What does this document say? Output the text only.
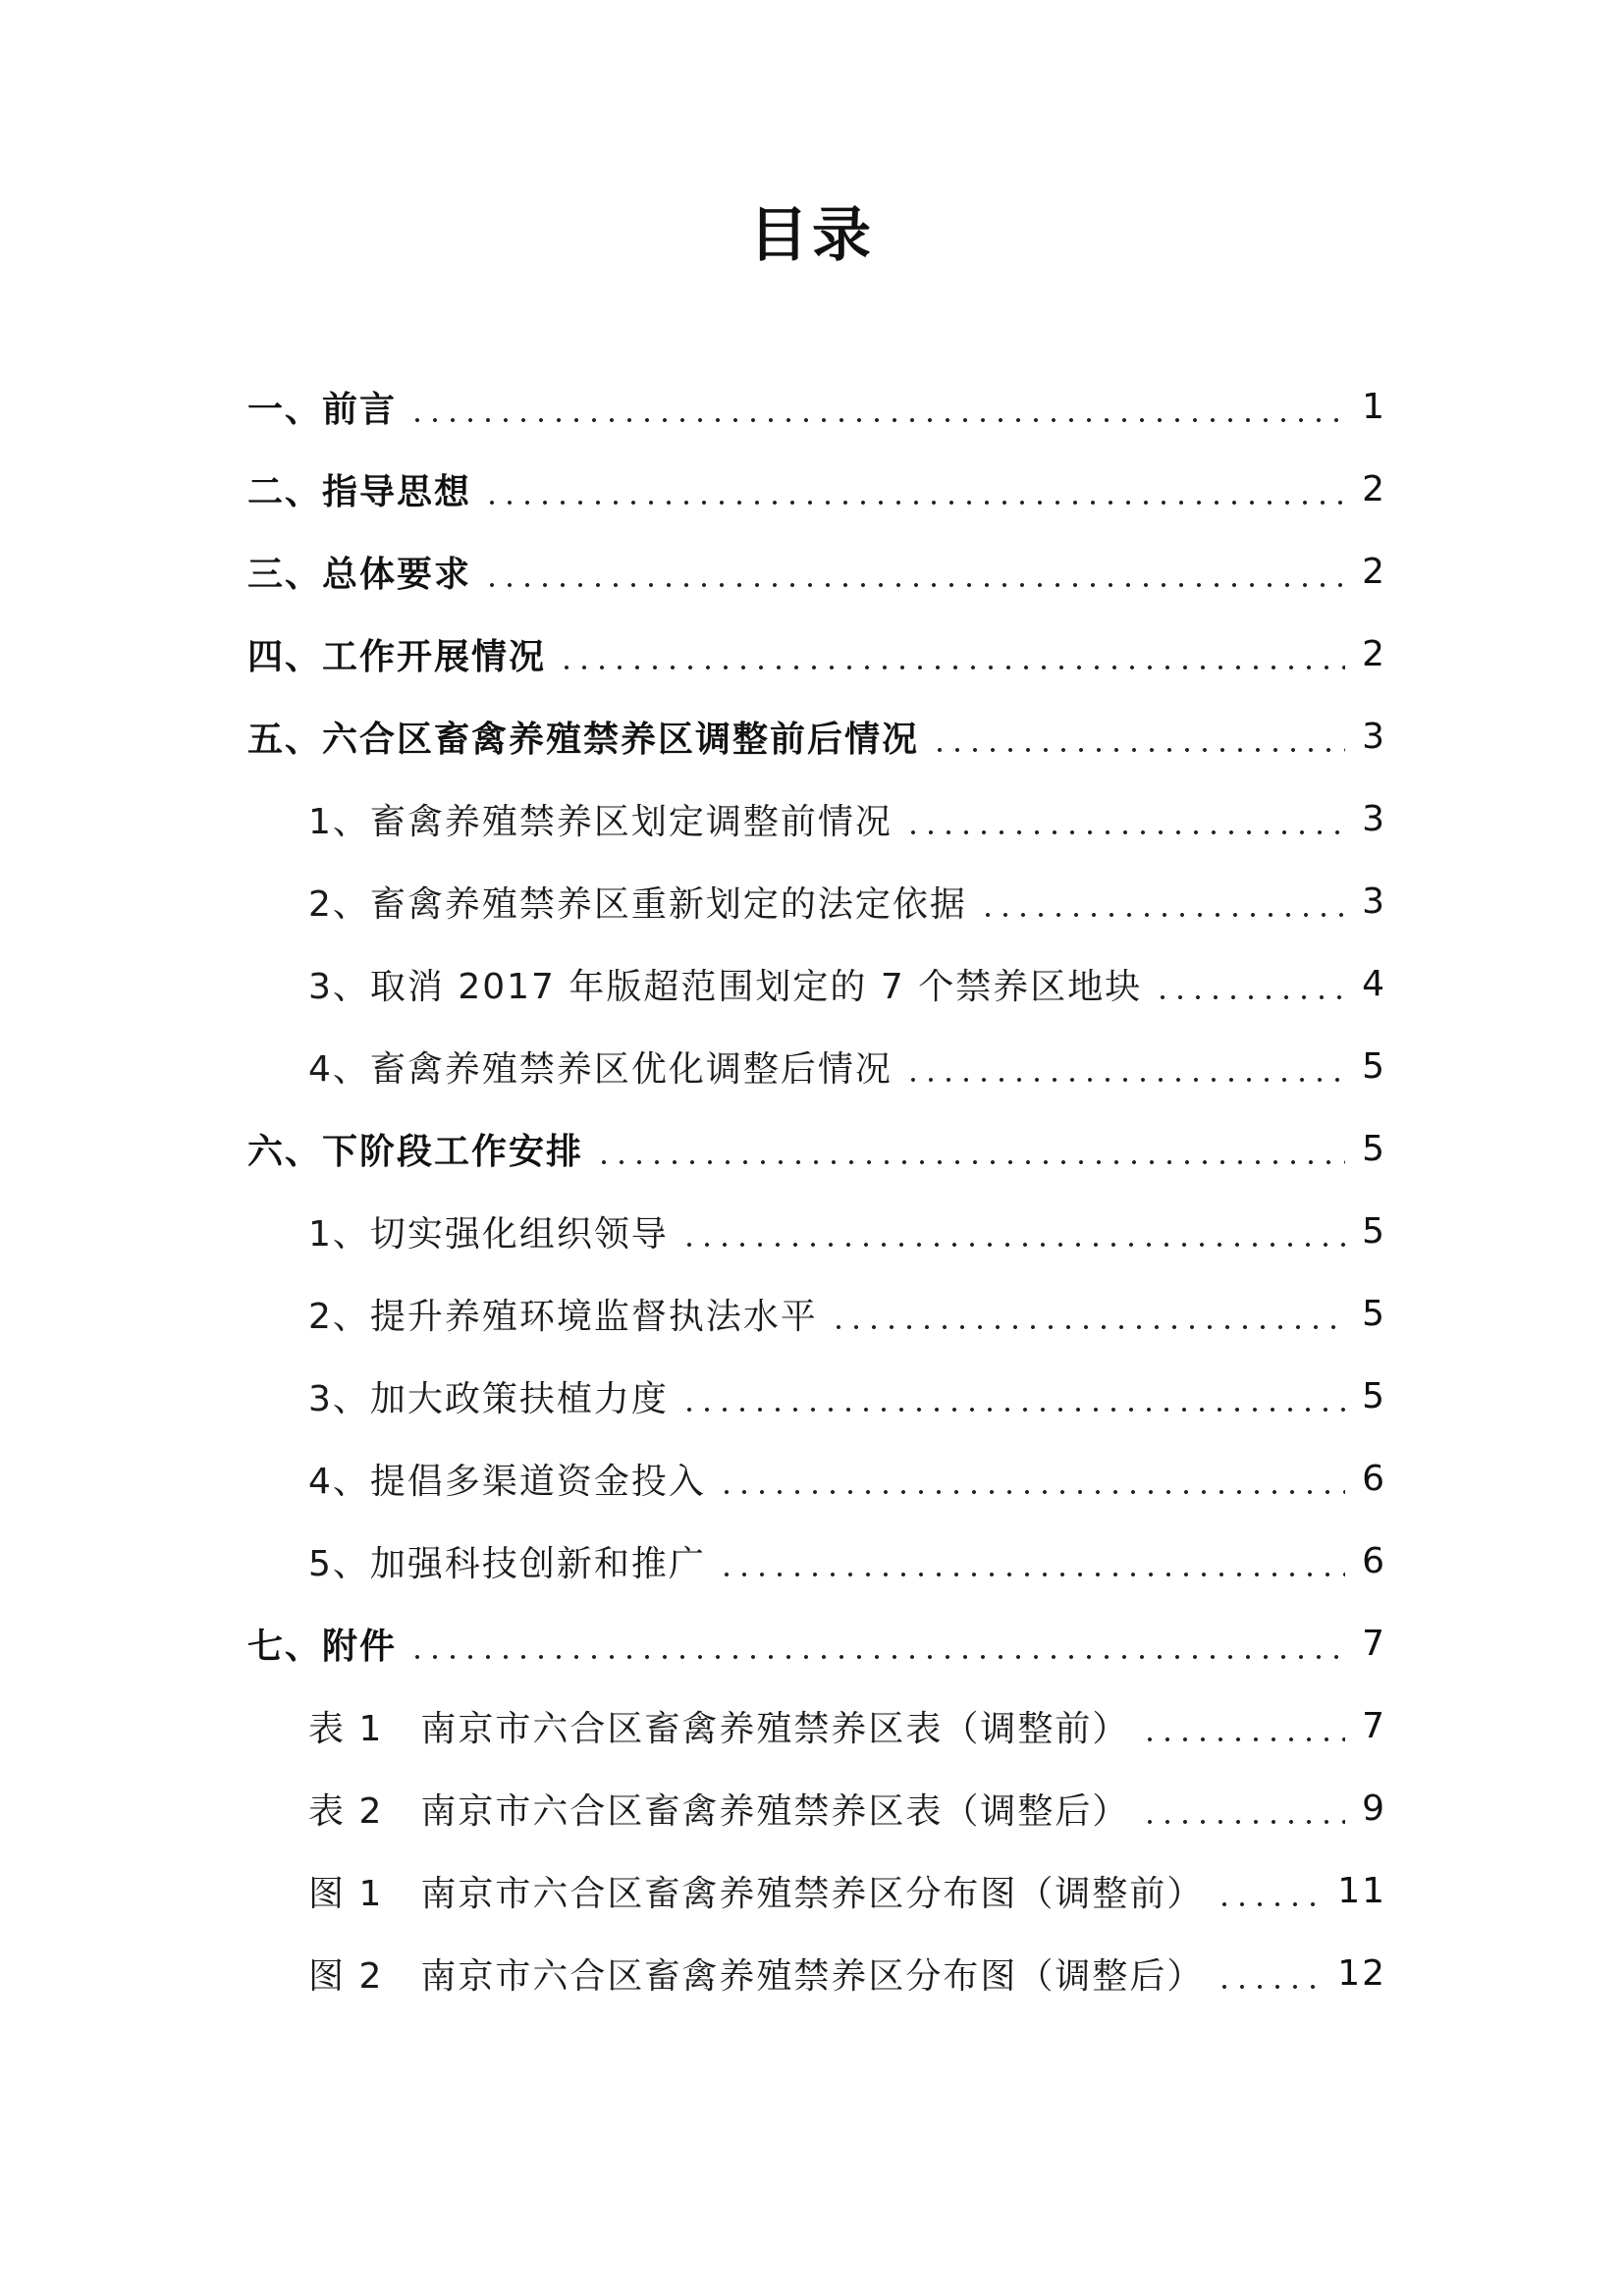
目录
一、前言	1
二、指导思想	2
三、总体要求	2
四、工作开展情况	2
五、六合区畜禽养殖禁养区调整前后情况	3
1、畜禽养殖禁养区划定调整前情况	3
2、畜禽养殖禁养区重新划定的法定依据	3
3、取消 2017 年版超范围划定的 7 个禁养区地块	4
4、畜禽养殖禁养区优化调整后情况	5
六、下阶段工作安排	5
1、切实强化组织领导	5
2、提升养殖环境监督执法水平	5
3、加大政策扶植力度	5
4、提倡多渠道资金投入	6
5、加强科技创新和推广	6
七、附件	7
表 1　南京市六合区畜禽养殖禁养区表（调整前）	7
表 2　南京市六合区畜禽养殖禁养区表（调整后）	9
图 1　南京市六合区畜禽养殖禁养区分布图（调整前）	11
图 2　南京市六合区畜禽养殖禁养区分布图（调整后）	12
